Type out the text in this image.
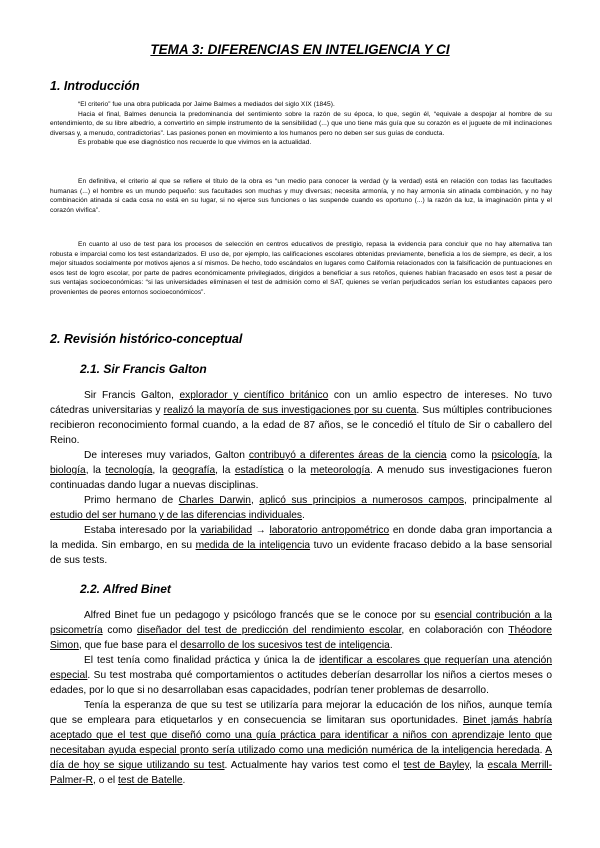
TEMA 3: DIFERENCIAS EN INTELIGENCIA Y CI
1. Introducción

“El criterio” fue una obra publicada por Jaime Balmes a mediados del siglo XIX (1845).

Hacia el final, Balmes denuncia la predominancia del sentimiento sobre la razón de su época, lo que, según él, “equivale a despojar al hombre de su entendimiento, de su libre albedrío, a convertirlo en simple instrumento de la sensibilidad (...) que uno tiene más guía que su corazón es el juguete de mil inclinaciones diversas y, a menudo, contradictorias”. Las pasiones ponen en movimiento a los humanos pero no deben ser sus guías de conducta.

Es probable que ese diagnóstico nos recuerde lo que vivimos en la actualidad.

En definitiva, el criterio al que se refiere el título de la obra es “un medio para conocer la verdad (y la verdad) está en relación con todas las facultades humanas (...) el hombre es un mundo pequeño: sus facultades son muchas y muy diversas; necesita armonía, y no hay armonía sin atinada combinación, y no hay combinación atinada si cada cosa no está en su lugar, si no ejerce sus funciones o las suspende cuando es oportuno (...) la razón da luz, la imaginación pinta y el corazón vivifica”.

En cuanto al uso de test para los procesos de selección en centros educativos de prestigio, repasa la evidencia para concluir que no hay alternativa tan robusta e imparcial como los test estandarizados. El uso de, por ejemplo, las calificaciones escolares obtenidas previamente, beneficia a los de siempre, es decir, a los mejor situados socialmente por motivos ajenos a sí mismos. De hecho, todo escándalos en lugares como California relacionados con la falsificación de puntuaciones en esos test de logro escolar, por parte de padres económicamente privilegiados, dirigidos a beneficiar a sus retoños, quienes habían fracasado en esos test a pesar de sus ventajas socioeconómicas: “si las universidades eliminasen el test de admisión como el SAT, quienes se verían perjudicados serían los estudiantes capaces pero provenientes de peores entornos socioeconómicos”.

2. Revisión histórico-conceptual
2.1. Sir Francis Galton

Sir Francis Galton, explorador y científico británico con un amlio espectro de intereses. No tuvo cátedras universitarias y realizó la mayoría de sus investigaciones por su cuenta. Sus múltiples contribuciones recibieron reconocimiento formal cuando, a la edad de 87 años, se le concedió el título de Sir o caballero del Reino.

De intereses muy variados, Galton contribuyó a diferentes áreas de la ciencia como la psicología, la biología, la tecnología, la geografía, la estadística o la meteorología. A menudo sus investigaciones fueron continuadas dando lugar a nuevas disciplinas.

Primo hermano de Charles Darwin, aplicó sus principios a numerosos campos, principalmente al estudio del ser humano y de las diferencias individuales.

Estaba interesado por la variabilidad → laboratorio antropométrico en donde daba gran importancia a la medida. Sin embargo, en su medida de la inteligencia tuvo un evidente fracaso debido a la base sensorial de sus tests.

2.2. Alfred Binet

Alfred Binet fue un pedagogo y psicólogo francés que se le conoce por su esencial contribución a la psicometría como diseñador del test de predicción del rendimiento escolar, en colaboración con Théodore Simon, que fue base para el desarrollo de los sucesivos test de inteligencia.

El test tenía como finalidad práctica y única la de identificar a escolares que requerían una atención especial. Su test mostraba qué comportamientos o actitudes deberían desarrollar los niños a ciertos meses o edades, por lo que si no desarrollaban esas capacidades, podrían tener problemas de desarrollo.

Tenía la esperanza de que su test se utilizaría para mejorar la educación de los niños, aunque temía que se empleara para etiquetarlos y en consecuencia se limitaran sus oportunidades. Binet jamás habría aceptado que el test que diseñó como una guía práctica para identificar a niños con aprendizaje lento que necesitaban ayuda especial pronto sería utilizado como una medición numérica de la inteligencia heredada. A día de hoy se sigue utilizando su test. Actualmente hay varios test como el test de Bayley, la escala Merrill-Palmer-R, o el test de Batelle.
